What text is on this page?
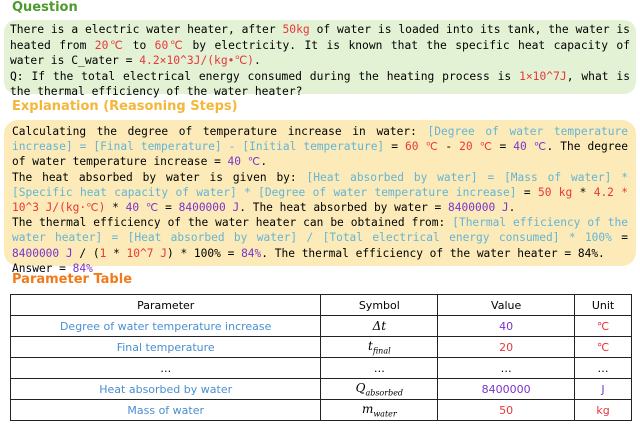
Question

There is a electric water heater, after 50kg of water is loaded into its tank, the water is heated from 20℃ to 60℃ by electricity. It is known that the specific heat capacity of water is C_water = 4.2×10^3J/(kg•℃).
Q: If the total electrical energy consumed during the heating process is 1×10^7J, what is the thermal efficiency of the water heater?

Explanation (Reasoning Steps)

Calculating the degree of temperature increase in water: [Degree of water temperature increase] = [Final temperature] - [Initial temperature] = 60 ℃ - 20 ℃ = 40 ℃. The degree of water temperature increase = 40 ℃.
The heat absorbed by water is given by: [Heat absorbed by water] = [Mass of water] * [Specific heat capacity of water] * [Degree of water temperature increase] = 50 kg * 4.2 * 10^3 J/(kg·℃) * 40 ℃ = 8400000 J. The heat absorbed by water = 8400000 J.
The thermal efficiency of the water heater can be obtained from: [Thermal efficiency of the water heater] = [Heat absorbed by water] / [Total electrical energy consumed] * 100% = 8400000 J / (1 * 10^7 J) * 100% = 84%. The thermal efficiency of the water heater = 84%.
Answer = 84%

Parameter Table
Parameter	Symbol	Value	Unit
Degree of water temperature increase	Δt	40	℃
Final temperature	$t_{final}$	20	℃
…	…	…	…
Heat absorbed by water	$Q_{absorbed}$	8400000	J
Mass of water	$m_{water}$	50	kg
